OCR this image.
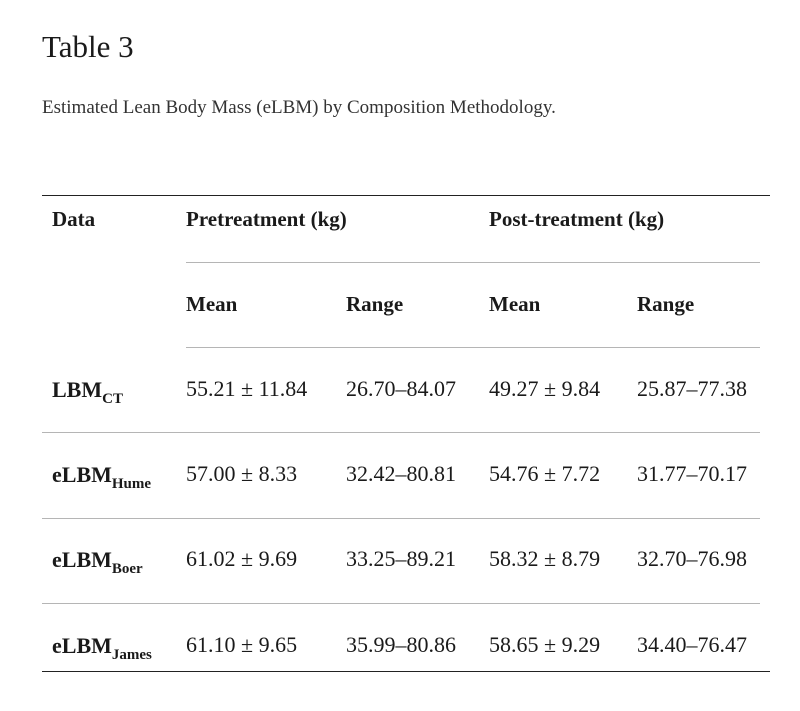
Table 3
Estimated Lean Body Mass (eLBM) by Composition Methodology.
Data	Pretreatment (kg)	Post-treatment (kg)
Mean	Range	Mean	Range
$LBM_{CT}$	55.21 ± 11.84 26.70–84.07 49.27 ± 9.84 25.87–77.38
eLBM$_{Hume}$ 57.00 ± 8.33 32.42–80.81 54.76 ± 7.72 31.77–70.17
eLBM$_{Boer}$ 61.02 ± 9.69 33.25–89.21 58.32 ± 8.79 32.70–76.98
eLBM$_{James}$ 61.10 ± 9.65 35.99–80.86 58.65 ± 9.29 34.40–76.47
